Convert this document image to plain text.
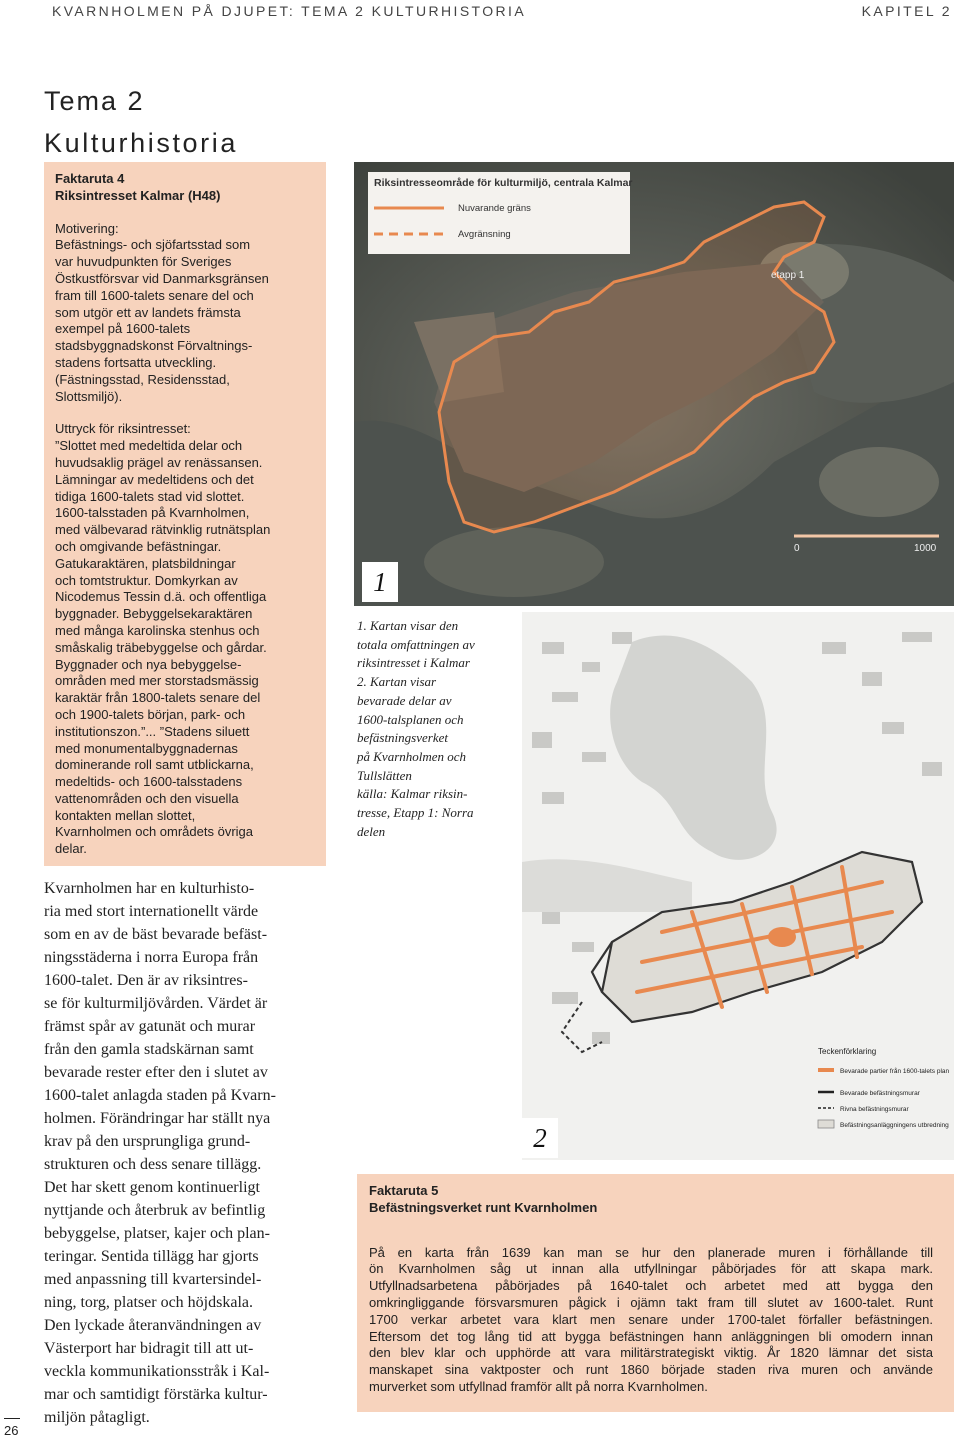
KVARNHOLMEN PÅ DJUPET: TEMA 2 KULTURHISTORIA	KAPITEL 2
Tema 2
Kulturhistoria
Faktaruta 4
Riksintresset Kalmar (H48)
Motivering:
Befästnings- och sjöfartsstad som
var huvudpunkten för Sveriges
Östkustförsvar vid Danmarksgränsen
fram till 1600-talets senare del och
som utgör ett av landets främsta
exempel på 1600-talets
stadsbyggnadskonst Förvaltnings-
stadens fortsatta utveckling.
(Fästningsstad, Residensstad,
Slottsmiljö).
Uttryck för riksintresset:
”Slottet med medeltida delar och
huvudsaklig prägel av renässansen.
Lämningar av medeltidens och det
tidiga 1600-talets stad vid slottet.
1600-talsstaden på Kvarnholmen,
med välbevarad rätvinklig rutnätsplan
och omgivande befästningar.
Gatukaraktären, platsbildningar
och tomtstruktur. Domkyrkan av
Nicodemus Tessin d.ä. och offentliga
byggnader. Bebyggelsekaraktären
med många karolinska stenhus och
småskalig träbebyggelse och gårdar.
Byggnader och nya bebyggelse-
områden med mer storstadsmässig
karaktär från 1800-talets senare del
och 1900-talets början, park- och
institutionszon.”... ”Stadens siluett
med monumentalbyggnadernas
dominerande roll samt utblickarna,
medeltids- och 1600-talsstadens
vattenområden och den visuella
kontakten mellan slottet,
Kvarnholmen och områdets övriga
delar.
Riksintresseområde för kulturmiljö, centrala Kalmar
Nuvarande gräns
Avgränsning
etapp 1
0	1000
1
1. Kartan visar den
totala omfattningen av
riksintresset i Kalmar
2. Kartan visar
bevarade delar av
1600-talsplanen och
befästningsverket
på Kvarnholmen och
Tullslätten
källa: Kalmar riksin-
tresse, Etapp 1: Norra
delen
Teckenförklaring
Bevarade partier från 1600-talets plan
Bevarade befästningsmurar
Rivna befästningsmurar
Befästningsanläggningens utbredning
2
Kvarnholmen har en kulturhisto-
ria med stort internationellt värde
som en av de bäst bevarade befäst-
ningsstäderna i norra Europa från
1600-talet. Den är av riksintres-
se för kulturmiljövården. Värdet är
främst spår av gatunät och murar
från den gamla stadskärnan samt
bevarade rester efter den i slutet av
1600-talet anlagda staden på Kvarn-
holmen. Förändringar har ställt nya
krav på den ursprungliga grund-
strukturen och dess senare tillägg.
Det har skett genom kontinuerligt
nyttjande och återbruk av befintlig
bebyggelse, platser, kajer och plan-
teringar. Sentida tillägg har gjorts
med anpassning till kvartersindel-
ning, torg, platser och höjdskala.
Den lyckade återanvändningen av
Västerport har bidragit till att ut-
veckla kommunikationsstråk i Kal-
mar och samtidigt förstärka kultur-
miljön påtagligt.
Faktaruta 5
Befästningsverket runt Kvarnholmen
På en karta från 1639 kan man se hur den planerade muren i förhållande till
ön Kvarnholmen såg ut innan alla utfyllningar påbörjades för att skapa mark.
Utfyllnadsarbetena påbörjades på 1640-talet och arbetet med att bygga den
omkringliggande försvarsmuren pågick i ojämn takt fram till slutet av 1600-talet. Runt
1700 verkar arbetet vara klart men senare under 1700-talet förfaller befästningen.
Eftersom det tog lång tid att bygga befästningen hann anläggningen bli omodern innan
den blev klar och upphörde att vara militärstrategiskt viktig. År 1820 lämnar det sista
manskapet sina vaktposter och runt 1860 började staden riva muren och använde
murverket som utfyllnad framför allt på norra Kvarnholmen.
26
